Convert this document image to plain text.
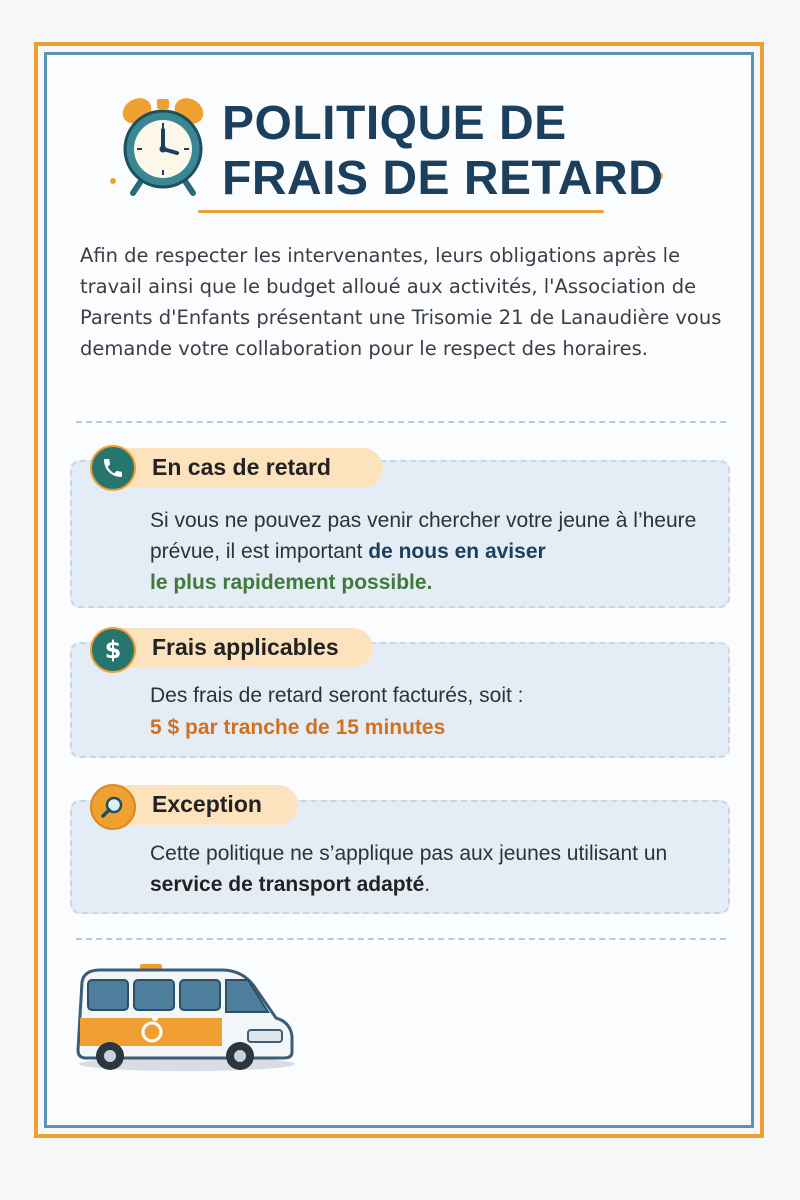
POLITIQUE DE
FRAIS DE RETARD

Afin de respecter les intervenantes, leurs obligations après le travail ainsi que le budget alloué aux activités, l'Association de Parents d'Enfants présentant une Trisomie 21 de Lanaudière vous demande votre collaboration pour le respect des horaires.

En cas de retard

Si vous ne pouvez pas venir chercher votre jeune à l’heure prévue, il est important de nous en aviser
le plus rapidement possible.

$	Frais applicables

Des frais de retard seront facturés, soit :

5 $ par tranche de 15 minutes

Exception

Cette politique ne s’applique pas aux jeunes utilisant un service de transport adapté.
